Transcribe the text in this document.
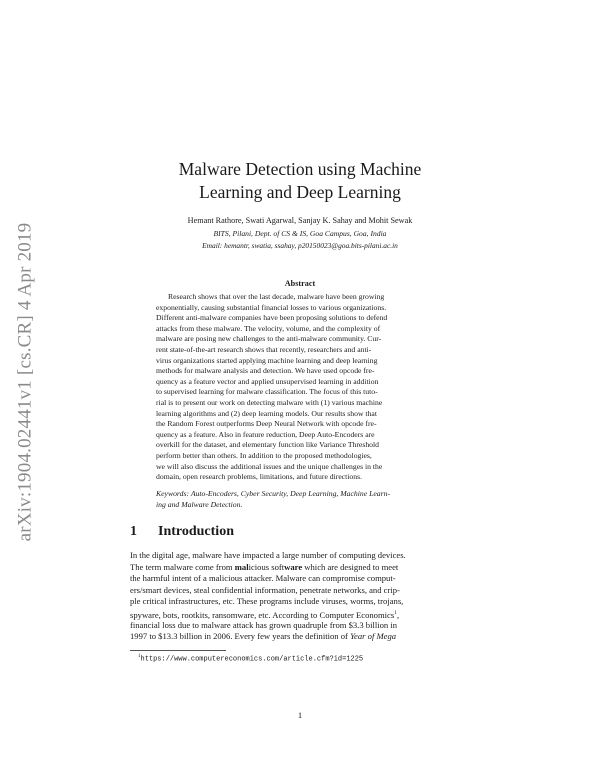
arXiv:1904.02441v1 [cs.CR] 4 Apr 2019
Malware Detection using Machine
Learning and Deep Learning
Hemant Rathore, Swati Agarwal, Sanjay K. Sahay and Mohit Sewak
BITS, Pilani, Dept. of CS & IS, Goa Campus, Goa, India
Email: hemantr, swatia, ssahay, p20150023@goa.bits-pilani.ac.in
Abstract
Research shows that over the last decade, malware have been growing
exponentially, causing substantial financial losses to various organizations.
Different anti-malware companies have been proposing solutions to defend
attacks from these malware. The velocity, volume, and the complexity of
malware are posing new challenges to the anti-malware community. Cur-
rent state-of-the-art research shows that recently, researchers and anti-
virus organizations started applying machine learning and deep learning
methods for malware analysis and detection. We have used opcode fre-
quency as a feature vector and applied unsupervised learning in addition
to supervised learning for malware classification. The focus of this tuto-
rial is to present our work on detecting malware with (1) various machine
learning algorithms and (2) deep learning models. Our results show that
the Random Forest outperforms Deep Neural Network with opcode fre-
quency as a feature. Also in feature reduction, Deep Auto-Encoders are
overkill for the dataset, and elementary function like Variance Threshold
perform better than others. In addition to the proposed methodologies,
we will also discuss the additional issues and the unique challenges in the
domain, open research problems, limitations, and future directions.
Keywords: Auto-Encoders, Cyber Security, Deep Learning, Machine Learn-
ing and Malware Detection.
1 Introduction
In the digital age, malware have impacted a large number of computing devices.
The term malware come from malicious software which are designed to meet
the harmful intent of a malicious attacker. Malware can compromise comput-
ers/smart devices, steal confidential information, penetrate networks, and crip-
ple critical infrastructures, etc. These programs include viruses, worms, trojans,
spyware, bots, rootkits, ransomware, etc. According to Computer Economics$^1$,
financial loss due to malware attack has grown quadruple from $3.3 billion in
1997 to $13.3 billion in 2006. Every few years the definition of Year of Mega
$^1$https://www.computereconomics.com/article.cfm?id=1225
1
